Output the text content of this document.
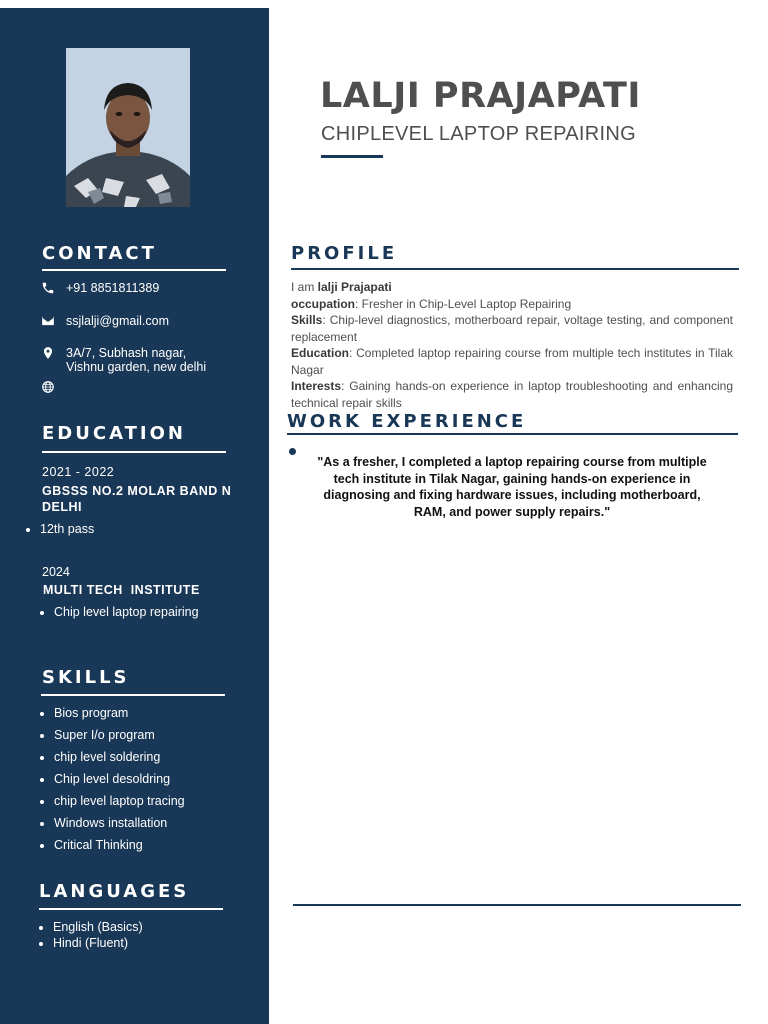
CONTACT
+91 8851811389
ssjlalji@gmail.com
3A/7, Subhash nagar,
Vishnu garden, new delhi
EDUCATION
2021 - 2022
GBSSS NO.2 MOLAR BAND N DELHI
• 12th pass
2024
MULTI TECH  INSTITUTE
• Chip level laptop repairing
SKILLS
• Bios program
• Super I/o program
• chip level soldering
• Chip level desoldring
• chip level laptop tracing
• Windows installation
• Critical Thinking
LANGUAGES
• English (Basics)
• Hindi (Fluent)
LALJI PRAJAPATI
CHIPLEVEL LAPTOP REPAIRING
PROFILE

I am lalji Prajapati

occupation: Fresher in Chip-Level Laptop Repairing

Skills: Chip-level diagnostics, motherboard repair, voltage testing, and component replacement

Education: Completed laptop repairing course from multiple tech institutes in Tilak Nagar

Interests: Gaining hands-on experience in laptop troubleshooting and enhancing technical repair skills

WORK EXPERIENCE
"As a fresher, I completed a laptop repairing course from multiple tech institute in Tilak Nagar, gaining hands-on experience in diagnosing and fixing hardware issues, including motherboard, RAM, and power supply repairs."
